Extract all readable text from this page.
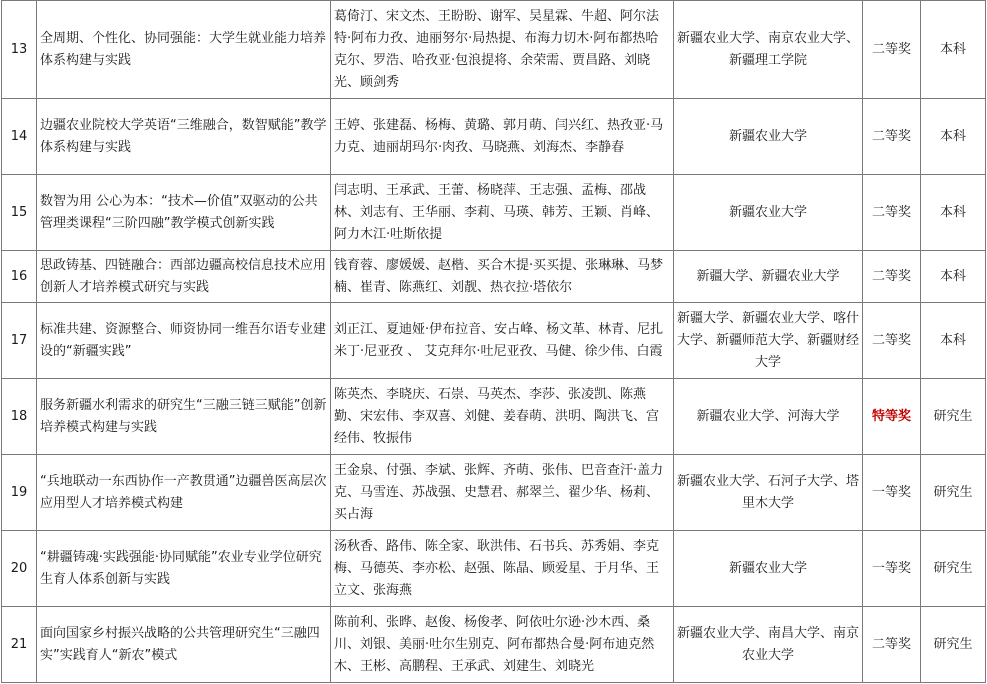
13	全周期、个性化、协同强能：大学生就业能力培养体系构建与实践	葛倚汀、宋文杰、王盼盼、谢军、吴星霖、牛超、阿尔法特·阿布力孜、迪丽努尔·局热提、布海力切木·阿布都热哈克尔、罗浩、哈孜亚·包浪提将、余荣需、贾昌路、刘晓光、顾剑秀	新疆农业大学、南京农业大学、新疆理工学院	二等奖	本科
14	边疆农业院校大学英语“三维融合，数智赋能”教学体系构建与实践	王婷、张建磊、杨梅、黄璐、郭月萌、闫兴红、热孜亚·马力克、迪丽胡玛尔·肉孜、马晓燕、刘海杰、李静春	新疆农业大学	二等奖	本科
15	数智为用 公心为本：“技术—价值”双驱动的公共管理类课程“三阶四融”教学模式创新实践	闫志明、王承武、王蕾、杨晓萍、王志强、孟梅、邵战林、刘志有、王华丽、李莉、马瑛、韩芳、王颖、肖峰、阿力木江·吐斯依提	新疆农业大学	二等奖	本科
16	思政铸基、四链融合：西部边疆高校信息技术应用创新人才培养模式研究与实践	钱育蓉、廖媛媛、赵楷、买合木提·买买提、张琳琳、马梦楠、崔青、陈燕红、刘靓、热衣拉·塔依尔	新疆大学、新疆农业大学	二等奖	本科
17	标准共建、资源整合、师资协同一维吾尔语专业建设的“新疆实践”	刘正江、夏迪娅·伊布拉音、安占峰、杨文革、林青、尼扎米丁·尼亚孜 、 艾克拜尔·吐尼亚孜、马健、徐少伟、白霞	新疆大学、新疆农业大学、喀什大学、新疆师范大学、新疆财经大学	二等奖	本科
18	服务新疆水利需求的研究生“三融三链三赋能”创新培养模式构建与实践	陈英杰、李晓庆、石崇、马英杰、李莎、张凌凯、陈燕勤、宋宏伟、李双喜、刘健、姜春萌、洪明、陶洪飞、宫经伟、牧振伟	新疆农业大学、河海大学	特等奖	研究生
19	“兵地联动一东西协作一产教贯通”边疆兽医高层次应用型人才培养模式构建	王金泉、付强、李斌、张辉、齐萌、张伟、巴音查汗·盖力克、马雪连、苏战强、史慧君、郝翠兰、翟少华、杨莉、买占海	新疆农业大学、石河子大学、塔里木大学	一等奖	研究生
20	“耕疆铸魂·实践强能·协同赋能”农业专业学位研究生育人体系创新与实践	汤秋香、路伟、陈全家、耿洪伟、石书兵、苏秀娟、李克梅、马德英、李亦松、赵强、陈晶、顾爱星、于月华、王立文、张海燕	新疆农业大学	一等奖	研究生
21	面向国家乡村振兴战略的公共管理研究生“三融四实”实践育人“新农”模式	陈前利、张晔、赵俊、杨俊孝、阿依吐尔逊·沙木西、桑川、刘银、美丽·吐尔生别克、阿布都热合曼·阿布迪克然木、王彬、高鹏程、王承武、刘建生、刘晓光	新疆农业大学、南昌大学、南京农业大学	二等奖	研究生
